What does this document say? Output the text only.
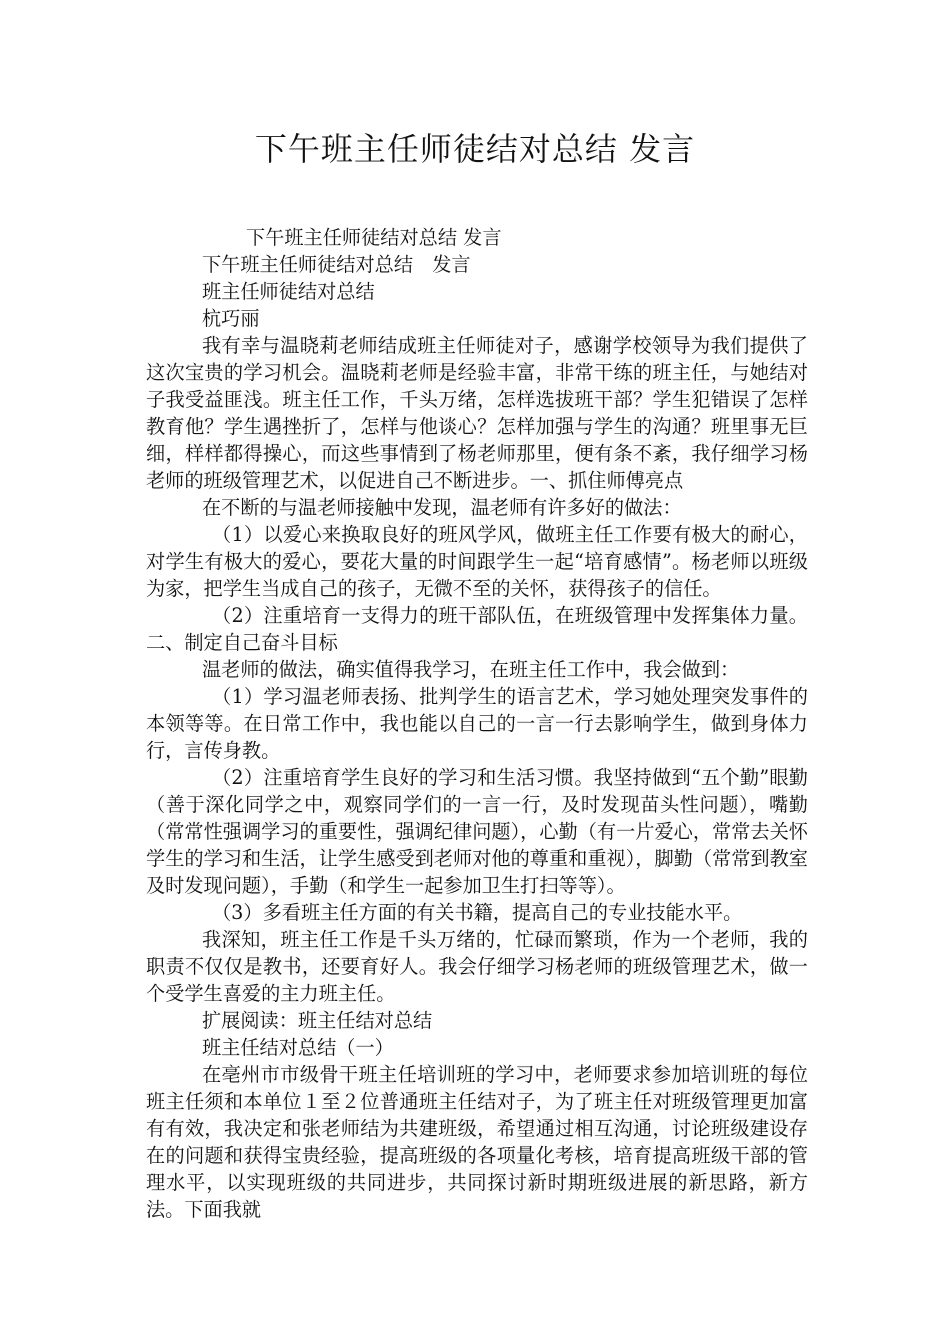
下午班主任师徒结对总结 发言

下午班主任师徒结对总结 发言

下午班主任师徒结对总结　发言

班主任师徒结对总结

杭巧丽

我有幸与温晓莉老师结成班主任师徒对子，感谢学校领导为我们提供了这次宝贵的学习机会。温晓莉老师是经验丰富，非常干练的班主任，与她结对子我受益匪浅。班主任工作，千头万绪，怎样选拔班干部？学生犯错误了怎样教育他？学生遇挫折了，怎样与他谈心？怎样加强与学生的沟通？班里事无巨细，样样都得操心，而这些事情到了杨老师那里，便有条不紊，我仔细学习杨老师的班级管理艺术，以促进自己不断进步。一、抓住师傅亮点

在不断的与温老师接触中发现，温老师有许多好的做法：

（1）以爱心来换取良好的班风学风，做班主任工作要有极大的耐心，对学生有极大的爱心，要花大量的时间跟学生一起“培育感情”。杨老师以班级为家，把学生当成自己的孩子，无微不至的关怀，获得孩子的信任。

（2）注重培育一支得力的班干部队伍，在班级管理中发挥集体力量。二、制定自己奋斗目标

温老师的做法，确实值得我学习，在班主任工作中，我会做到：

（1）学习温老师表扬、批判学生的语言艺术，学习她处理突发事件的本领等等。在日常工作中，我也能以自己的一言一行去影响学生，做到身体力行，言传身教。

（2）注重培育学生良好的学习和生活习惯。我坚持做到“五个勤”眼勤（善于深化同学之中，观察同学们的一言一行，及时发现苗头性问题），嘴勤（常常性强调学习的重要性，强调纪律问题），心勤（有一片爱心，常常去关怀学生的学习和生活，让学生感受到老师对他的尊重和重视），脚勤（常常到教室及时发现问题），手勤（和学生一起参加卫生打扫等等）。

（3）多看班主任方面的有关书籍，提高自己的专业技能水平。

我深知，班主任工作是千头万绪的，忙碌而繁琐，作为一个老师，我的职责不仅仅是教书，还要育好人。我会仔细学习杨老师的班级管理艺术，做一个受学生喜爱的主力班主任。

扩展阅读：班主任结对总结

班主任结对总结（一）

在亳州市市级骨干班主任培训班的学习中，老师要求参加培训班的每位班主任须和本单位１至２位普通班主任结对子，为了班主任对班级管理更加富有有效，我决定和张老师结为共建班级，希望通过相互沟通，讨论班级建设存在的问题和获得宝贵经验，提高班级的各项量化考核，培育提高班级干部的管理水平，以实现班级的共同进步，共同探讨新时期班级进展的新思路，新方法。下面我就
